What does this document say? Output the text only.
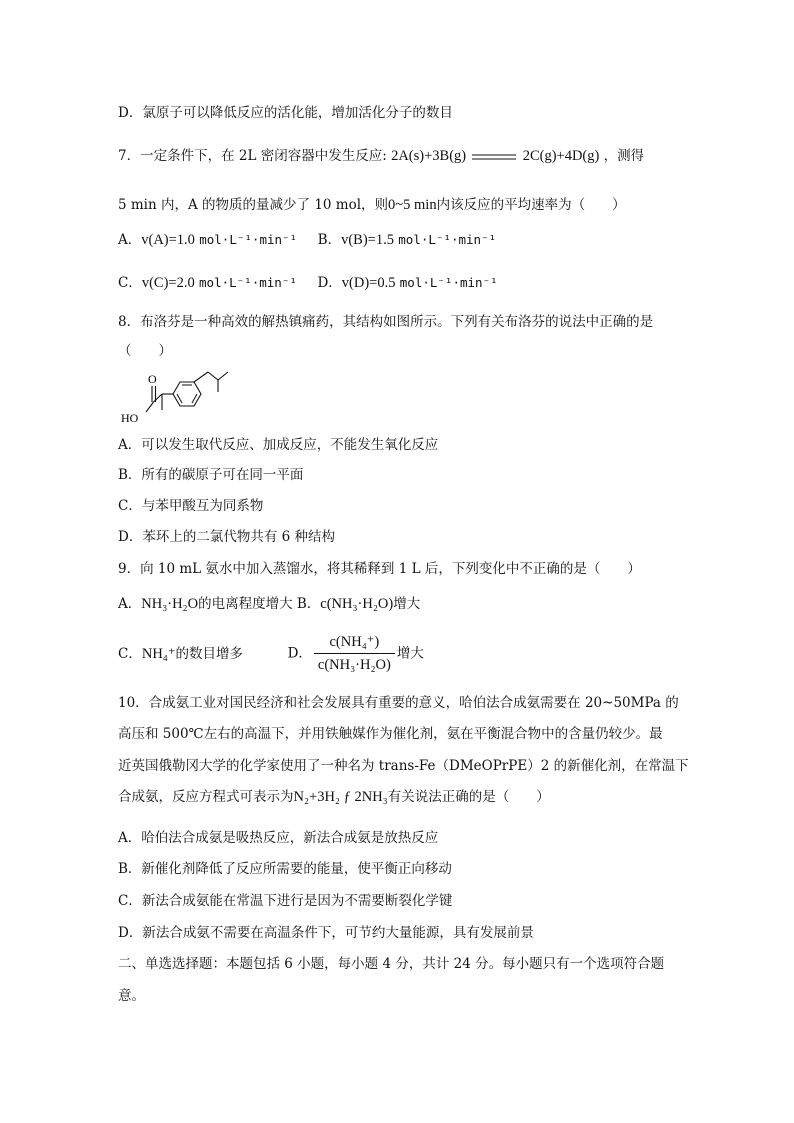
D．氯原子可以降低反应的活化能，增加活化分子的数目
7．一定条件下，在 2L 密闭容器中发生反应: 2A(s)+3B(g)	2C(g)+4D(g) ，测得
5 min 内，A 的物质的量减少了 10 mol，则0~5 min内该反应的平均速率为（　　）
A．v(A)=1.0 mol·L⁻¹·min⁻¹ B．v(B)=1.5 mol·L⁻¹·min⁻¹
C．v(C)=2.0 mol·L⁻¹·min⁻¹ D．v(D)=0.5 mol·L⁻¹·min⁻¹
8．布洛芬是一种高效的解热镇痛药，其结构如图所示。下列有关布洛芬的说法中正确的是
（　　）
O
HO
A．可以发生取代反应、加成反应，不能发生氧化反应
B．所有的碳原子可在同一平面
C．与苯甲酸互为同系物
D．苯环上的二氯代物共有 6 种结构
9．向 10 mL 氨水中加入蒸馏水，将其稀释到 1 L 后，下列变化中不正确的是（　　）
A．NH₃·H₂O的电离程度增大 B．c(NH₃·H₂O)增大
C．NH₄⁺的数目增多	D． $\frac{\text{c(NH₄⁺)}}{\text{c(NH₃·H₂O)}}$ 增大
10．合成氨工业对国民经济和社会发展具有重要的意义，哈伯法合成氨需要在 20~50MPa 的
高压和 500℃左右的高温下，并用铁触媒作为催化剂，氨在平衡混合物中的含量仍较少。最
近英国俄勒冈大学的化学家使用了一种名为 trans-Fe（DMeOPrPE）2 的新催化剂，在常温下
合成氨，反应方程式可表示为N₂+3H₂ ƒ 2NH₃有关说法正确的是（　　）
A．哈伯法合成氨是吸热反应，新法合成氨是放热反应
B．新催化剂降低了反应所需要的能量，使平衡正向移动
C．新法合成氨能在常温下进行是因为不需要断裂化学键
D．新法合成氨不需要在高温条件下，可节约大量能源，具有发展前景
二、单选选择题：本题包括 6 小题，每小题 4 分，共计 24 分。每小题只有一个选项符合题
意。
